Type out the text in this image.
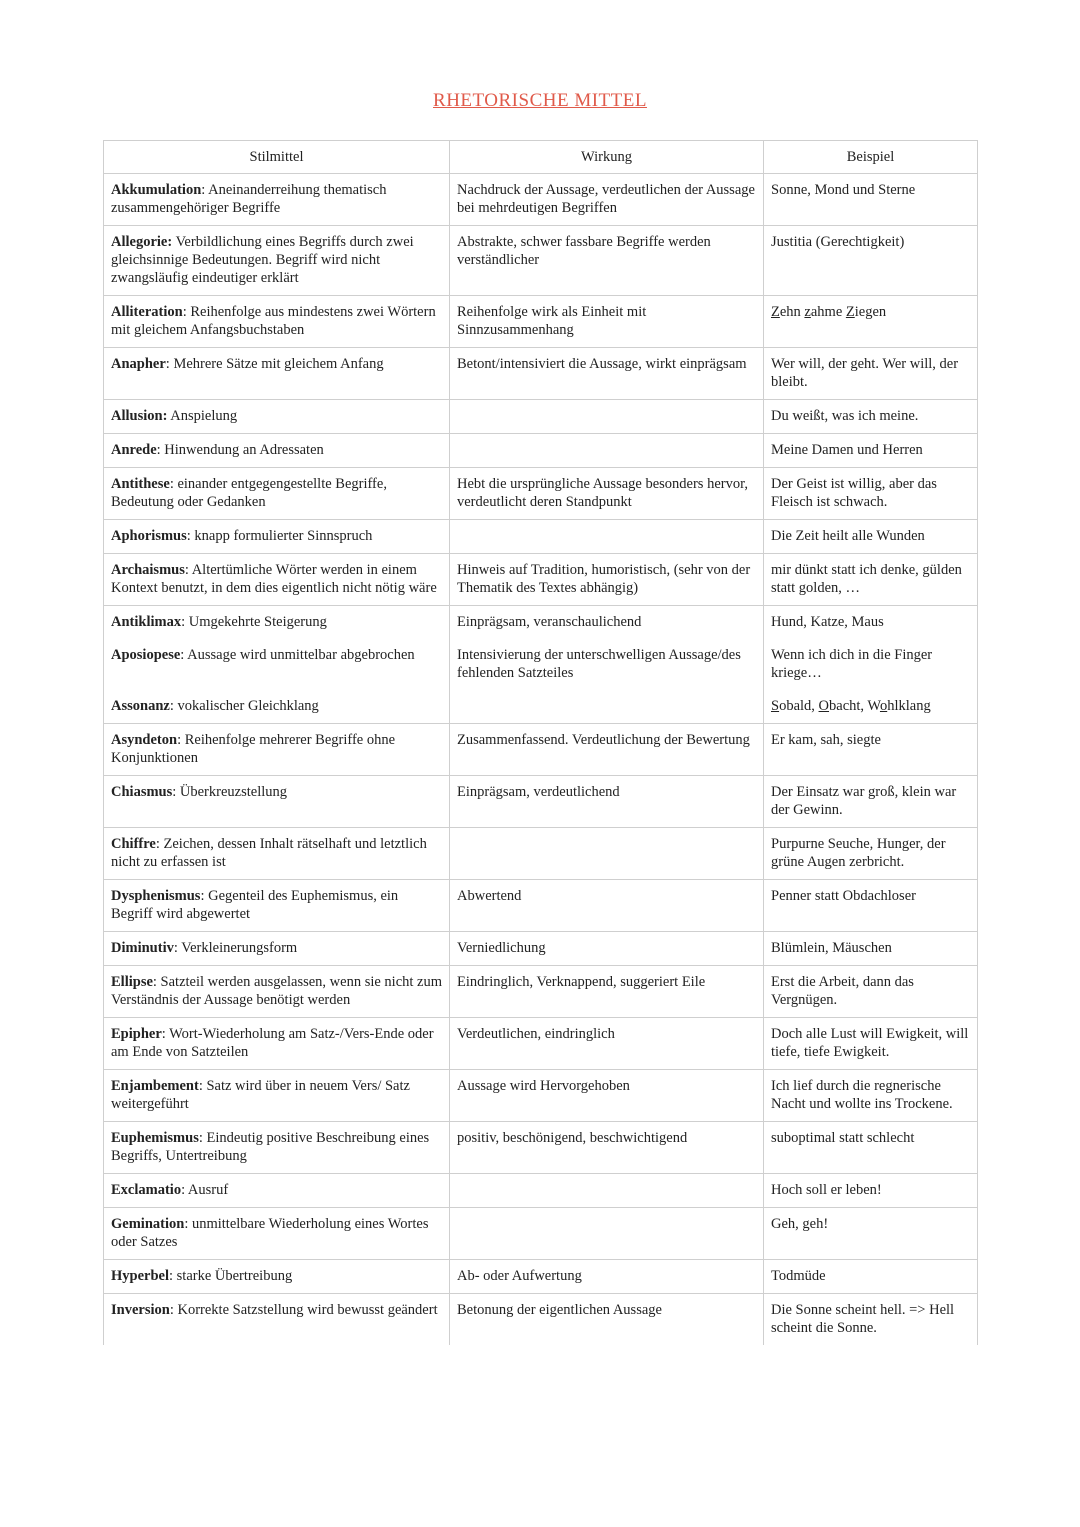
RHETORISCHE MITTEL
Stilmittel	Wirkung	Beispiel
Akkumulation: Aneinanderreihung thematisch zusammengehöriger Begriffe	Nachdruck der Aussage, verdeutlichen der Aussage bei mehrdeutigen Begriffen	Sonne, Mond und Sterne
Allegorie: Verbildlichung eines Begriffs durch zwei gleichsinnige Bedeutungen. Begriff wird nicht zwangsläufig eindeutiger erklärt	Abstrakte, schwer fassbare Begriffe werden verständlicher	Justitia (Gerechtigkeit)
Alliteration: Reihenfolge aus mindestens zwei Wörtern mit gleichem Anfangsbuchstaben	Reihenfolge wirk als Einheit mit Sinnzusammenhang	Zehn zahme Ziegen
Anapher: Mehrere Sätze mit gleichem Anfang	Betont/intensiviert die Aussage, wirkt einprägsam	Wer will, der geht. Wer will, der bleibt.
Allusion: Anspielung		Du weißt, was ich meine.
Anrede: Hinwendung an Adressaten		Meine Damen und Herren
Antithese: einander entgegengestellte Begriffe, Bedeutung oder Gedanken	Hebt die ursprüngliche Aussage besonders hervor, verdeutlicht deren Standpunkt	Der Geist ist willig, aber das Fleisch ist schwach.
Aphorismus: knapp formulierter Sinnspruch		Die Zeit heilt alle Wunden
Archaismus: Altertümliche Wörter werden in einem Kontext benutzt, in dem dies eigentlich nicht nötig wäre	Hinweis auf Tradition, humoristisch, (sehr von der Thematik des Textes abhängig)	mir dünkt statt ich denke, gülden statt golden, …
Antiklimax: Umgekehrte Steigerung	Einprägsam, veranschaulichend	Hund, Katze, Maus
Aposiopese: Aussage wird unmittelbar abgebrochen	Intensivierung der unterschwelligen Aussage/des fehlenden Satzteiles	Wenn ich dich in die Finger kriege…
Assonanz: vokalischer Gleichklang		Sobald, Obacht, Wohlklang
Asyndeton: Reihenfolge mehrerer Begriffe ohne Konjunktionen	Zusammenfassend. Verdeutlichung der Bewertung	Er kam, sah, siegte
Chiasmus: Überkreuzstellung	Einprägsam, verdeutlichend	Der Einsatz war groß, klein war der Gewinn.
Chiffre: Zeichen, dessen Inhalt rätselhaft und letztlich nicht zu erfassen ist		Purpurne Seuche, Hunger, der grüne Augen zerbricht.
Dysphenismus: Gegenteil des Euphemismus, ein Begriff wird abgewertet	Abwertend	Penner statt Obdachloser
Diminutiv: Verkleinerungsform	Verniedlichung	Blümlein, Mäuschen
Ellipse: Satzteil werden ausgelassen, wenn sie nicht zum Verständnis der Aussage benötigt werden	Eindringlich, Verknappend, suggeriert Eile	Erst die Arbeit, dann das Vergnügen.
Epipher: Wort-Wiederholung am Satz-/Vers-Ende oder am Ende von Satzteilen	Verdeutlichen, eindringlich	Doch alle Lust will Ewigkeit, will tiefe, tiefe Ewigkeit.
Enjambement: Satz wird über in neuem Vers/ Satz weitergeführt	Aussage wird Hervorgehoben	Ich lief durch die regnerische Nacht und wollte ins Trockene.
Euphemismus: Eindeutig positive Beschreibung eines Begriffs, Untertreibung	positiv, beschönigend, beschwichtigend	suboptimal statt schlecht
Exclamatio: Ausruf		Hoch soll er leben!
Gemination: unmittelbare Wiederholung eines Wortes oder Satzes		Geh, geh!
Hyperbel: starke Übertreibung	Ab- oder Aufwertung	Todmüde
Inversion: Korrekte Satzstellung wird bewusst geändert	Betonung der eigentlichen Aussage	Die Sonne scheint hell. => Hell scheint die Sonne.
